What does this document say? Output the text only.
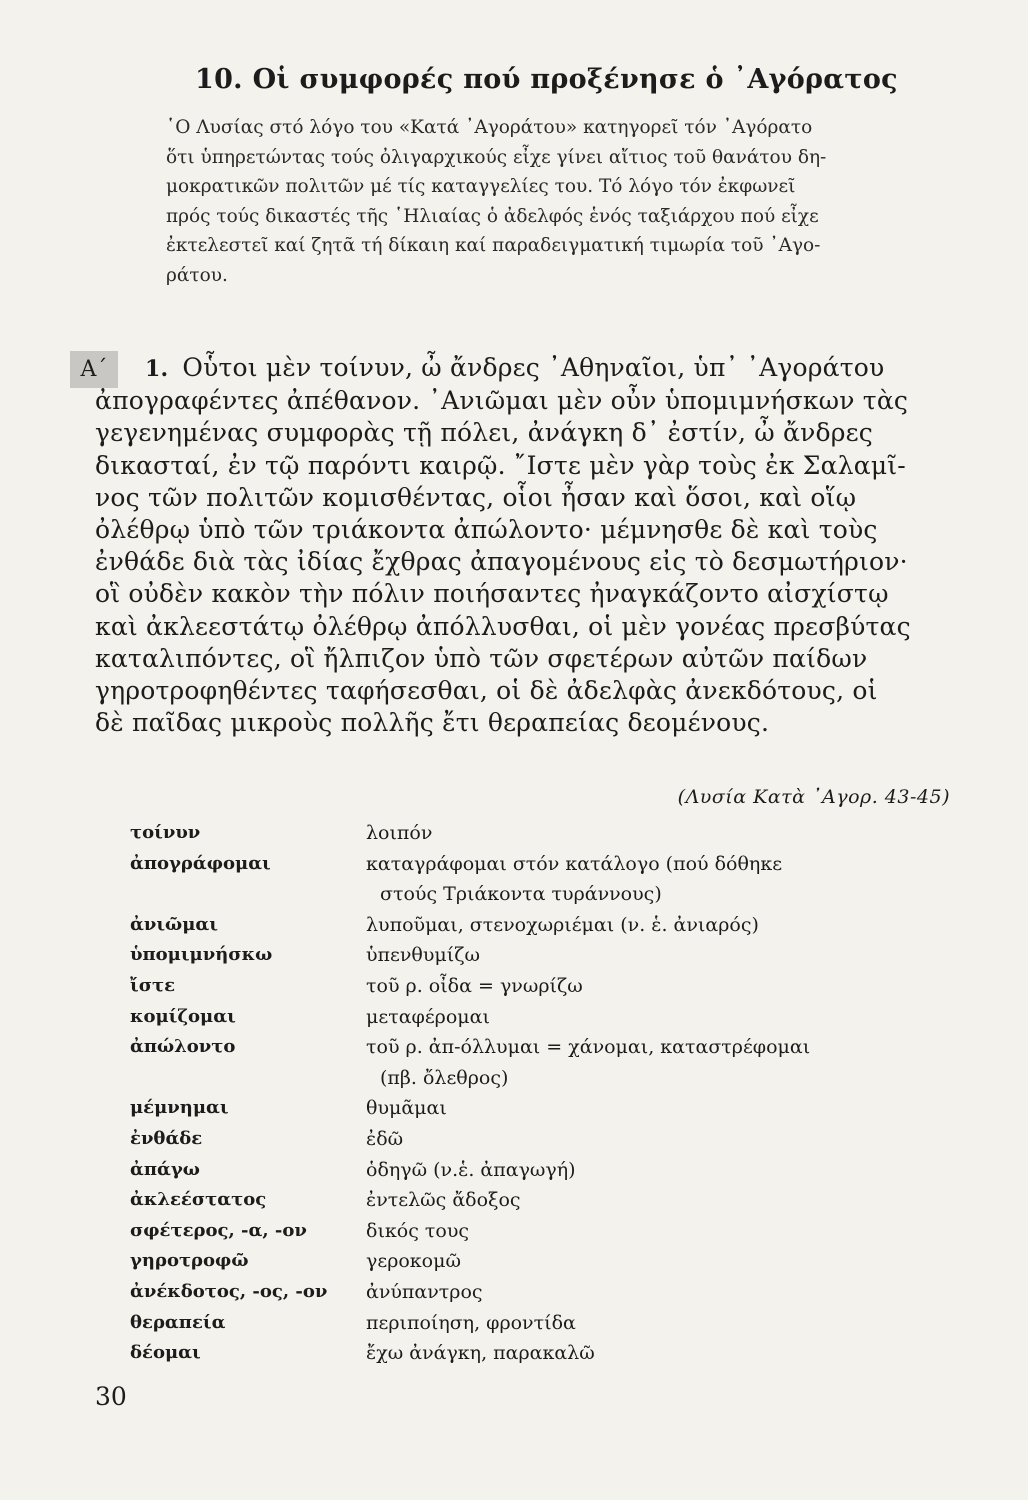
10. Οἱ συμφορές πού προξένησε ὁ ᾿Αγόρατος
῾Ο Λυσίας στό λόγο του «Κατά ᾿Αγοράτου» κατηγορεῖ τόν ᾿Αγόρατο
ὅτι ὑπηρετώντας τούς ὀλιγαρχικούς εἶχε γίνει αἴτιος τοῦ θανάτου δη-
μοκρατικῶν πολιτῶν μέ τίς καταγγελίες του. Τό λόγο τόν ἐκφωνεῖ
πρός τούς δικαστές τῆς ῾Ηλιαίας ὁ ἀδελφός ἑνός ταξιάρχου πού εἶχε
ἐκτελεστεῖ καί ζητᾶ τή δίκαιη καί παραδειγματική τιμωρία τοῦ ᾿Αγο-
ράτου.
Α΄	1. Οὗτοι μὲν τοίνυν, ὦ ἄνδρες ᾿Αθηναῖοι, ὑπ᾿ ᾿Αγοράτου
ἀπογραφέντες ἀπέθανον. ᾿Ανιῶμαι μὲν οὖν ὑπομιμνήσκων τὰς
γεγενημένας συμφορὰς τῇ πόλει, ἀνάγκη δ᾿ ἐστίν, ὦ ἄνδρες
δικασταί, ἐν τῷ παρόντι καιρῷ. ῎Ιστε μὲν γὰρ τοὺς ἐκ Σαλαμῖ-
νος τῶν πολιτῶν κομισθέντας, οἷοι ἦσαν καὶ ὅσοι, καὶ οἵῳ
ὀλέθρῳ ὑπὸ τῶν τριάκοντα ἀπώλοντο· μέμνησθε δὲ καὶ τοὺς
ἐνθάδε διὰ τὰς ἰδίας ἔχθρας ἀπαγομένους εἰς τὸ δεσμωτήριον·
οἳ οὐδὲν κακὸν τὴν πόλιν ποιήσαντες ἠναγκάζοντο αἰσχίστῳ
καὶ ἀκλεεστάτῳ ὀλέθρῳ ἀπόλλυσθαι, οἱ μὲν γονέας πρεσβύτας
καταλιπόντες, οἳ ἤλπιζον ὑπὸ τῶν σφετέρων αὐτῶν παίδων
γηροτροφηθέντες ταφήσεσθαι, οἱ δὲ ἀδελφὰς ἀνεκδότους, οἱ
δὲ παῖδας μικροὺς πολλῆς ἔτι θεραπείας δεομένους.
(Λυσία Κατὰ ᾿Αγορ. 43-45)
τοίνυν	λοιπόν
ἀπογράφομαι	καταγράφομαι στόν κατάλογο (πού δόθηκε
στούς Τριάκοντα τυράννους)
ἀνιῶμαι	λυποῦμαι, στενοχωριέμαι (ν. ἑ. ἀνιαρός)
ὑπομιμνήσκω	ὑπενθυμίζω
ἴστε	τοῦ ρ. οἶδα = γνωρίζω
κομίζομαι	μεταφέρομαι
ἀπώλοντο	τοῦ ρ. ἀπ-όλλυμαι = χάνομαι, καταστρέφομαι
(πβ. ὄλεθρος)
μέμνημαι	θυμᾶμαι
ἐνθάδε	ἐδῶ
ἀπάγω	ὁδηγῶ (ν.ἑ. ἀπαγωγή)
ἀκλεέστατος	ἐντελῶς ἄδοξος
σφέτερος, -α, -ον	δικός τους
γηροτροφῶ	γεροκομῶ
ἀνέκδοτος, -ος, -ον	ἀνύπαντρος
θεραπεία	περιποίηση, φροντίδα
δέομαι	ἔχω ἀνάγκη, παρακαλῶ
30
